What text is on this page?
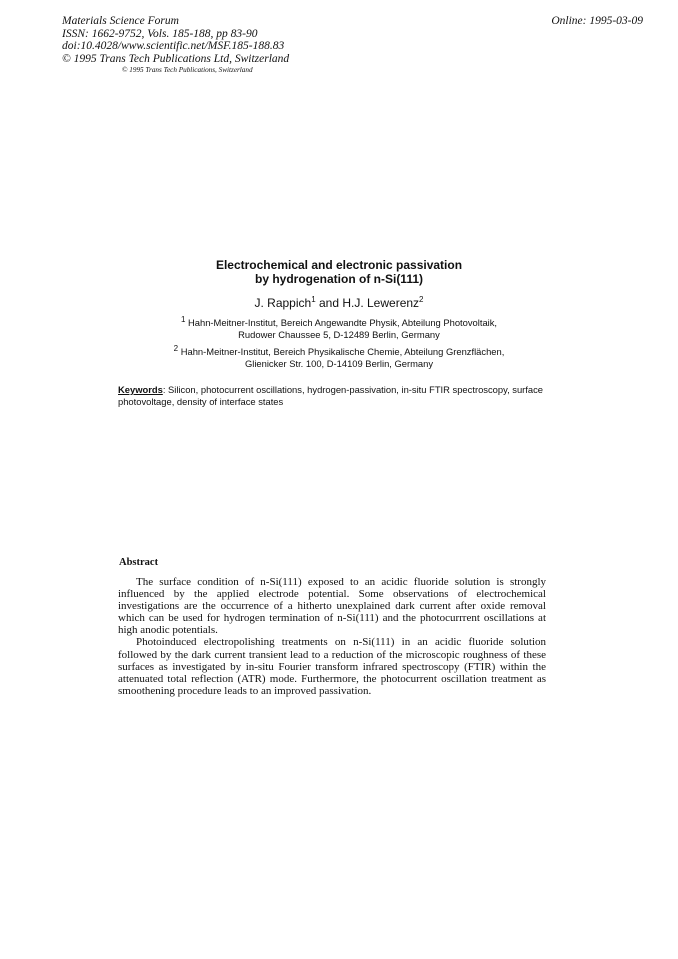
Materials Science Forum
ISSN: 1662-9752, Vols. 185-188, pp 83-90
doi:10.4028/www.scientific.net/MSF.185-188.83
© 1995 Trans Tech Publications Ltd, Switzerland
Online: 1995-03-09
© 1995 Trans Tech Publications, Switzerland
Electrochemical and electronic passivation
by hydrogenation of n-Si(111)
J. Rappich$^1$ and H.J. Lewerenz$^2$
$^1$ Hahn-Meitner-Institut, Bereich Angewandte Physik, Abteilung Photovoltaik,
Rudower Chaussee 5, D-12489 Berlin, Germany
$^2$ Hahn-Meitner-Institut, Bereich Physikalische Chemie, Abteilung Grenzflächen,
Glienicker Str. 100, D-14109 Berlin, Germany
Keywords: Silicon, photocurrent oscillations, hydrogen-passivation, in-situ FTIR spectroscopy, surface photovoltage, density of interface states
Abstract

The surface condition of n-Si(111) exposed to an acidic fluoride solution is strongly influenced by the applied electrode potential. Some observations of electrochemical investigations are the occurrence of a hitherto unexplained dark current after oxide removal which can be used for hydrogen termination of n-Si(111) and the photocurrrent oscillations at high anodic potentials.

Photoinduced electropolishing treatments on n-Si(111) in an acidic fluoride solution followed by the dark current transient lead to a reduction of the microscopic roughness of these surfaces as investigated by in-situ Fourier transform infrared spectroscopy (FTIR) within the attenuated total reflection (ATR) mode. Furthermore, the photocurrent oscillation treatment as smoothening procedure leads to an improved passivation.
